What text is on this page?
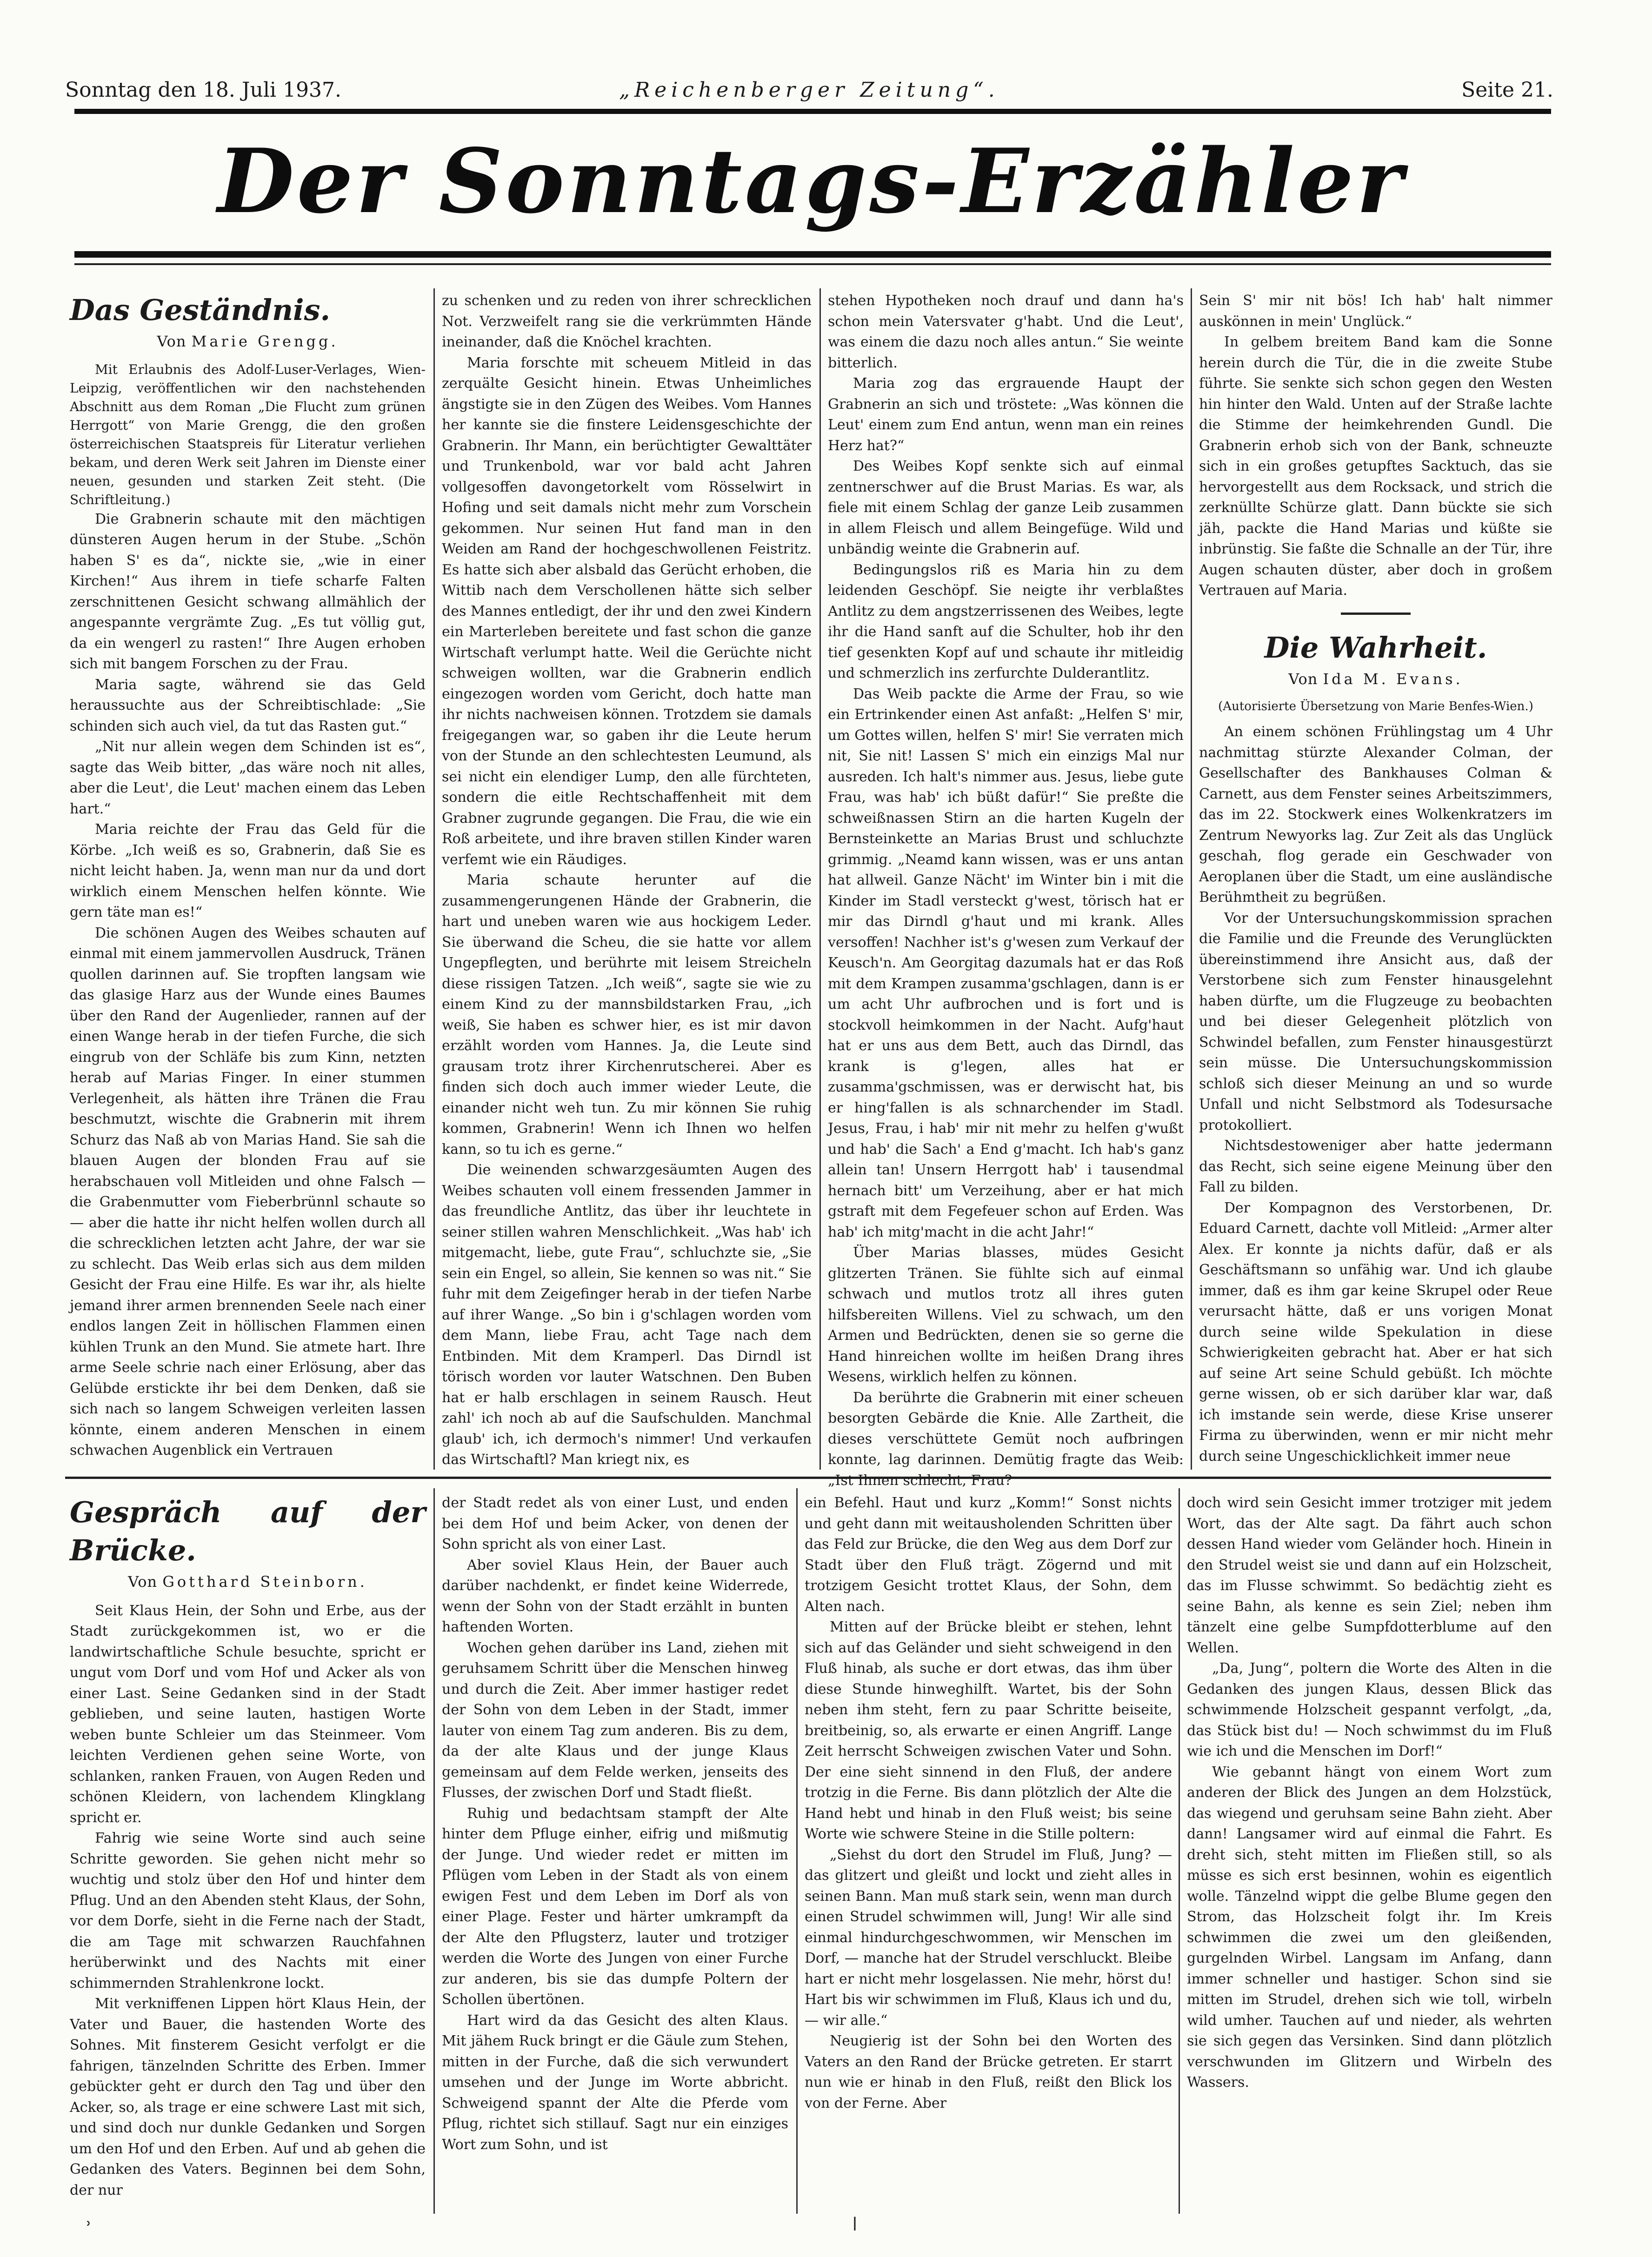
Sonntag den 18. Juli 1937.	„Reichenberger Zeitung“.	Seite 21.
Der Sonntags-Erzähler
Das Geständnis.
Von Marie Grengg.

Mit Erlaubnis des Adolf-Luser-Verlages, Wien-Leipzig, veröffentlichen wir den nachstehenden Abschnitt aus dem Roman „Die Flucht zum grünen Herrgott“ von Marie Grengg, die den großen österreichischen Staatspreis für Literatur verliehen bekam, und deren Werk seit Jahren im Dienste einer neuen, gesunden und starken Zeit steht. (Die Schriftleitung.)

Die Grabnerin schaute mit den mächtigen dünsteren Augen herum in der Stube. „Schön haben S' es da“, nickte sie, „wie in einer Kirchen!“ Aus ihrem in tiefe scharfe Falten zerschnittenen Gesicht schwang allmählich der angespannte vergrämte Zug. „Es tut völlig gut, da ein wengerl zu rasten!“ Ihre Augen erhoben sich mit bangem Forschen zu der Frau.

Maria sagte, während sie das Geld heraussuchte aus der Schreibtischlade: „Sie schinden sich auch viel, da tut das Rasten gut.“

„Nit nur allein wegen dem Schinden ist es“, sagte das Weib bitter, „das wäre noch nit alles, aber die Leut', die Leut' machen einem das Leben hart.“

Maria reichte der Frau das Geld für die Körbe. „Ich weiß es so, Grabnerin, daß Sie es nicht leicht haben. Ja, wenn man nur da und dort wirklich einem Menschen helfen könnte. Wie gern täte man es!“

Die schönen Augen des Weibes schauten auf einmal mit einem jammervollen Ausdruck, Tränen quollen darinnen auf. Sie tropften langsam wie das glasige Harz aus der Wunde eines Baumes über den Rand der Augenlieder, rannen auf der einen Wange herab in der tiefen Furche, die sich eingrub von der Schläfe bis zum Kinn, netzten herab auf Marias Finger. In einer stummen Verlegenheit, als hätten ihre Tränen die Frau beschmutzt, wischte die Grabnerin mit ihrem Schurz das Naß ab von Marias Hand. Sie sah die blauen Augen der blonden Frau auf sie herabschauen voll Mitleiden und ohne Falsch — die Grabenmutter vom Fieberbrünnl schaute so — aber die hatte ihr nicht helfen wollen durch all die schrecklichen letzten acht Jahre, der war sie zu schlecht. Das Weib erlas sich aus dem milden Gesicht der Frau eine Hilfe. Es war ihr, als hielte jemand ihrer armen brennenden Seele nach einer endlos langen Zeit in höllischen Flammen einen kühlen Trunk an den Mund. Sie atmete hart. Ihre arme Seele schrie nach einer Erlösung, aber das Gelübde erstickte ihr bei dem Denken, daß sie sich nach so langem Schweigen verleiten lassen könnte, einem anderen Menschen in einem schwachen Augenblick ein Vertrauen

zu schenken und zu reden von ihrer schrecklichen Not. Verzweifelt rang sie die verkrümmten Hände ineinander, daß die Knöchel krachten.

Maria forschte mit scheuem Mitleid in das zerquälte Gesicht hinein. Etwas Unheimliches ängstigte sie in den Zügen des Weibes. Vom Hannes her kannte sie die finstere Leidensgeschichte der Grabnerin. Ihr Mann, ein berüchtigter Gewalttäter und Trunkenbold, war vor bald acht Jahren vollgesoffen davongetorkelt vom Rösselwirt in Hofing und seit damals nicht mehr zum Vorschein gekommen. Nur seinen Hut fand man in den Weiden am Rand der hochgeschwollenen Feistritz. Es hatte sich aber alsbald das Gerücht erhoben, die Wittib nach dem Verschollenen hätte sich selber des Mannes entledigt, der ihr und den zwei Kindern ein Marterleben bereitete und fast schon die ganze Wirtschaft verlumpt hatte. Weil die Gerüchte nicht schweigen wollten, war die Grabnerin endlich eingezogen worden vom Gericht, doch hatte man ihr nichts nachweisen können. Trotzdem sie damals freigegangen war, so gaben ihr die Leute herum von der Stunde an den schlechtesten Leumund, als sei nicht ein elendiger Lump, den alle fürchteten, sondern die eitle Rechtschaffenheit mit dem Grabner zugrunde gegangen. Die Frau, die wie ein Roß arbeitete, und ihre braven stillen Kinder waren verfemt wie ein Räudiges.

Maria schaute herunter auf die zusammengerungenen Hände der Grabnerin, die hart und uneben waren wie aus hockigem Leder. Sie überwand die Scheu, die sie hatte vor allem Ungepflegten, und berührte mit leisem Streicheln diese rissigen Tatzen. „Ich weiß“, sagte sie wie zu einem Kind zu der mannsbildstarken Frau, „ich weiß, Sie haben es schwer hier, es ist mir davon erzählt worden vom Hannes. Ja, die Leute sind grausam trotz ihrer Kirchenrutscherei. Aber es finden sich doch auch immer wieder Leute, die einander nicht weh tun. Zu mir können Sie ruhig kommen, Grabnerin! Wenn ich Ihnen wo helfen kann, so tu ich es gerne.“

Die weinenden schwarzgesäumten Augen des Weibes schauten voll einem fressenden Jammer in das freundliche Antlitz, das über ihr leuchtete in seiner stillen wahren Menschlichkeit. „Was hab' ich mitgemacht, liebe, gute Frau“, schluchzte sie, „Sie sein ein Engel, so allein, Sie kennen so was nit.“ Sie fuhr mit dem Zeigefinger herab in der tiefen Narbe auf ihrer Wange. „So bin i g'schlagen worden vom dem Mann, liebe Frau, acht Tage nach dem Entbinden. Mit dem Kramperl. Das Dirndl ist törisch worden vor lauter Watschnen. Den Buben hat er halb erschlagen in seinem Rausch. Heut zahl' ich noch ab auf die Saufschulden. Manchmal glaub' ich, ich dermoch's nimmer! Und verkaufen das Wirtschaftl? Man kriegt nix, es

stehen Hypotheken noch drauf und dann ha's schon mein Vatersvater g'habt. Und die Leut', was einem die dazu noch alles antun.“ Sie weinte bitterlich.

Maria zog das ergrauende Haupt der Grabnerin an sich und tröstete: „Was können die Leut' einem zum End antun, wenn man ein reines Herz hat?“

Des Weibes Kopf senkte sich auf einmal zentnerschwer auf die Brust Marias. Es war, als fiele mit einem Schlag der ganze Leib zusammen in allem Fleisch und allem Beingefüge. Wild und unbändig weinte die Grabnerin auf.

Bedingungslos riß es Maria hin zu dem leidenden Geschöpf. Sie neigte ihr verblaßtes Antlitz zu dem angstzerrissenen des Weibes, legte ihr die Hand sanft auf die Schulter, hob ihr den tief gesenkten Kopf auf und schaute ihr mitleidig und schmerzlich ins zerfurchte Dulderantlitz.

Das Weib packte die Arme der Frau, so wie ein Ertrinkender einen Ast anfaßt: „Helfen S' mir, um Gottes willen, helfen S' mir! Sie verraten mich nit, Sie nit! Lassen S' mich ein einzigs Mal nur ausreden. Ich halt's nimmer aus. Jesus, liebe gute Frau, was hab' ich büßt dafür!“ Sie preßte die schweißnassen Stirn an die harten Kugeln der Bernsteinkette an Marias Brust und schluchzte grimmig. „Neamd kann wissen, was er uns antan hat allweil. Ganze Nächt' im Winter bin i mit die Kinder im Stadl versteckt g'west, törisch hat er mir das Dirndl g'haut und mi krank. Alles versoffen! Nachher ist's g'wesen zum Verkauf der Keusch'n. Am Georgitag dazumals hat er das Roß mit dem Krampen zusamma'gschlagen, dann is er um acht Uhr aufbrochen und is fort und is stockvoll heimkommen in der Nacht. Aufg'haut hat er uns aus dem Bett, auch das Dirndl, das krank is g'legen, alles hat er zusamma'gschmissen, was er derwischt hat, bis er hing'fallen is als schnarchender im Stadl. Jesus, Frau, i hab' mir nit mehr zu helfen g'wußt und hab' die Sach' a End g'macht. Ich hab's ganz allein tan! Unsern Herrgott hab' i tausendmal hernach bitt' um Verzeihung, aber er hat mich gstraft mit dem Fegefeuer schon auf Erden. Was hab' ich mitg'macht in die acht Jahr!“

Über Marias blasses, müdes Gesicht glitzerten Tränen. Sie fühlte sich auf einmal schwach und mutlos trotz all ihres guten hilfsbereiten Willens. Viel zu schwach, um den Armen und Bedrückten, denen sie so gerne die Hand hinreichen wollte im heißen Drang ihres Wesens, wirklich helfen zu können.

Da berührte die Grabnerin mit einer scheuen besorgten Gebärde die Knie. Alle Zartheit, die dieses verschüttete Gemüt noch aufbringen konnte, lag darinnen. Demütig fragte das Weib: „Ist Ihnen schlecht, Frau?

Sein S' mir nit bös! Ich hab' halt nimmer auskönnen in mein' Unglück.“

In gelbem breitem Band kam die Sonne herein durch die Tür, die in die zweite Stube führte. Sie senkte sich schon gegen den Westen hin hinter den Wald. Unten auf der Straße lachte die Stimme der heimkehrenden Gundl. Die Grabnerin erhob sich von der Bank, schneuzte sich in ein großes getupftes Sacktuch, das sie hervorgestellt aus dem Rocksack, und strich die zerknüllte Schürze glatt. Dann bückte sie sich jäh, packte die Hand Marias und küßte sie inbrünstig. Sie faßte die Schnalle an der Tür, ihre Augen schauten düster, aber doch in großem Vertrauen auf Maria.

Die Wahrheit.
Von Ida M. Evans.
(Autorisierte Übersetzung von Marie Benfes-Wien.)

An einem schönen Frühlingstag um 4 Uhr nachmittag stürzte Alexander Colman, der Gesellschafter des Bankhauses Colman & Carnett, aus dem Fenster seines Arbeitszimmers, das im 22. Stockwerk eines Wolkenkratzers im Zentrum Newyorks lag. Zur Zeit als das Unglück geschah, flog gerade ein Geschwader von Aeroplanen über die Stadt, um eine ausländische Berühmtheit zu begrüßen.

Vor der Untersuchungskommission sprachen die Familie und die Freunde des Verunglückten übereinstimmend ihre Ansicht aus, daß der Verstorbene sich zum Fenster hinausgelehnt haben dürfte, um die Flugzeuge zu beobachten und bei dieser Gelegenheit plötzlich von Schwindel befallen, zum Fenster hinausgestürzt sein müsse. Die Untersuchungskommission schloß sich dieser Meinung an und so wurde Unfall und nicht Selbstmord als Todesursache protokolliert.

Nichtsdestoweniger aber hatte jedermann das Recht, sich seine eigene Meinung über den Fall zu bilden.

Der Kompagnon des Verstorbenen, Dr. Eduard Carnett, dachte voll Mitleid: „Armer alter Alex. Er konnte ja nichts dafür, daß er als Geschäftsmann so unfähig war. Und ich glaube immer, daß es ihm gar keine Skrupel oder Reue verursacht hätte, daß er uns vorigen Monat durch seine wilde Spekulation in diese Schwierigkeiten gebracht hat. Aber er hat sich auf seine Art seine Schuld gebüßt. Ich möchte gerne wissen, ob er sich darüber klar war, daß ich imstande sein werde, diese Krise unserer Firma zu überwinden, wenn er mir nicht mehr durch seine Ungeschicklichkeit immer neue

Gespräch auf der Brücke.
Von Gotthard Steinborn.

Seit Klaus Hein, der Sohn und Erbe, aus der Stadt zurückgekommen ist, wo er die landwirtschaftliche Schule besuchte, spricht er ungut vom Dorf und vom Hof und Acker als von einer Last. Seine Gedanken sind in der Stadt geblieben, und seine lauten, hastigen Worte weben bunte Schleier um das Steinmeer. Vom leichten Verdienen gehen seine Worte, von schlanken, ranken Frauen, von Augen Reden und schönen Kleidern, von lachendem Klingklang spricht er.

Fahrig wie seine Worte sind auch seine Schritte geworden. Sie gehen nicht mehr so wuchtig und stolz über den Hof und hinter dem Pflug. Und an den Abenden steht Klaus, der Sohn, vor dem Dorfe, sieht in die Ferne nach der Stadt, die am Tage mit schwarzen Rauchfahnen herüberwinkt und des Nachts mit einer schimmernden Strahlenkrone lockt.

Mit verkniffenen Lippen hört Klaus Hein, der Vater und Bauer, die hastenden Worte des Sohnes. Mit finsterem Gesicht verfolgt er die fahrigen, tänzelnden Schritte des Erben. Immer gebückter geht er durch den Tag und über den Acker, so, als trage er eine schwere Last mit sich, und sind doch nur dunkle Gedanken und Sorgen um den Hof und den Erben. Auf und ab gehen die Gedanken des Vaters. Beginnen bei dem Sohn, der nur

der Stadt redet als von einer Lust, und enden bei dem Hof und beim Acker, von denen der Sohn spricht als von einer Last.

Aber soviel Klaus Hein, der Bauer auch darüber nachdenkt, er findet keine Widerrede, wenn der Sohn von der Stadt erzählt in bunten haftenden Worten.

Wochen gehen darüber ins Land, ziehen mit geruhsamem Schritt über die Menschen hinweg und durch die Zeit. Aber immer hastiger redet der Sohn von dem Leben in der Stadt, immer lauter von einem Tag zum anderen. Bis zu dem, da der alte Klaus und der junge Klaus gemeinsam auf dem Felde werken, jenseits des Flusses, der zwischen Dorf und Stadt fließt.

Ruhig und bedachtsam stampft der Alte hinter dem Pfluge einher, eifrig und mißmutig der Junge. Und wieder redet er mitten im Pflügen vom Leben in der Stadt als von einem ewigen Fest und dem Leben im Dorf als von einer Plage. Fester und härter umkrampft da der Alte den Pflugsterz, lauter und trotziger werden die Worte des Jungen von einer Furche zur anderen, bis sie das dumpfe Poltern der Schollen übertönen.

Hart wird da das Gesicht des alten Klaus. Mit jähem Ruck bringt er die Gäule zum Stehen, mitten in der Furche, daß die sich verwundert umsehen und der Junge im Worte abbricht. Schweigend spannt der Alte die Pferde vom Pflug, richtet sich stillauf. Sagt nur ein einziges Wort zum Sohn, und ist

ein Befehl. Haut und kurz „Komm!“ Sonst nichts und geht dann mit weitausholenden Schritten über das Feld zur Brücke, die den Weg aus dem Dorf zur Stadt über den Fluß trägt. Zögernd und mit trotzigem Gesicht trottet Klaus, der Sohn, dem Alten nach.

Mitten auf der Brücke bleibt er stehen, lehnt sich auf das Geländer und sieht schweigend in den Fluß hinab, als suche er dort etwas, das ihm über diese Stunde hinweghilft. Wartet, bis der Sohn neben ihm steht, fern zu paar Schritte beiseite, breitbeinig, so, als erwarte er einen Angriff. Lange Zeit herrscht Schweigen zwischen Vater und Sohn. Der eine sieht sinnend in den Fluß, der andere trotzig in die Ferne. Bis dann plötzlich der Alte die Hand hebt und hinab in den Fluß weist; bis seine Worte wie schwere Steine in die Stille poltern:

„Siehst du dort den Strudel im Fluß, Jung? — das glitzert und gleißt und lockt und zieht alles in seinen Bann. Man muß stark sein, wenn man durch einen Strudel schwimmen will, Jung! Wir alle sind einmal hindurchgeschwommen, wir Menschen im Dorf, — manche hat der Strudel verschluckt. Bleibe hart er nicht mehr losgelassen. Nie mehr, hörst du! Hart bis wir schwimmen im Fluß, Klaus ich und du, — wir alle.“

Neugierig ist der Sohn bei den Worten des Vaters an den Rand der Brücke getreten. Er starrt nun wie er hinab in den Fluß, reißt den Blick los von der Ferne. Aber

doch wird sein Gesicht immer trotziger mit jedem Wort, das der Alte sagt. Da fährt auch schon dessen Hand wieder vom Geländer hoch. Hinein in den Strudel weist sie und dann auf ein Holzscheit, das im Flusse schwimmt. So bedächtig zieht es seine Bahn, als kenne es sein Ziel; neben ihm tänzelt eine gelbe Sumpfdotterblume auf den Wellen.

„Da, Jung“, poltern die Worte des Alten in die Gedanken des jungen Klaus, dessen Blick das schwimmende Holzscheit gespannt verfolgt, „da, das Stück bist du! — Noch schwimmst du im Fluß wie ich und die Menschen im Dorf!“

Wie gebannt hängt von einem Wort zum anderen der Blick des Jungen an dem Holzstück, das wiegend und geruhsam seine Bahn zieht. Aber dann! Langsamer wird auf einmal die Fahrt. Es dreht sich, steht mitten im Fließen still, so als müsse es sich erst besinnen, wohin es eigentlich wolle. Tänzelnd wippt die gelbe Blume gegen den Strom, das Holzscheit folgt ihr. Im Kreis schwimmen die zwei um den gleißenden, gurgelnden Wirbel. Langsam im Anfang, dann immer schneller und hastiger. Schon sind sie mitten im Strudel, drehen sich wie toll, wirbeln wild umher. Tauchen auf und nieder, als wehrten sie sich gegen das Versinken. Sind dann plötzlich verschwunden im Glitzern und Wirbeln des Wassers.

ʾ	ǀ
